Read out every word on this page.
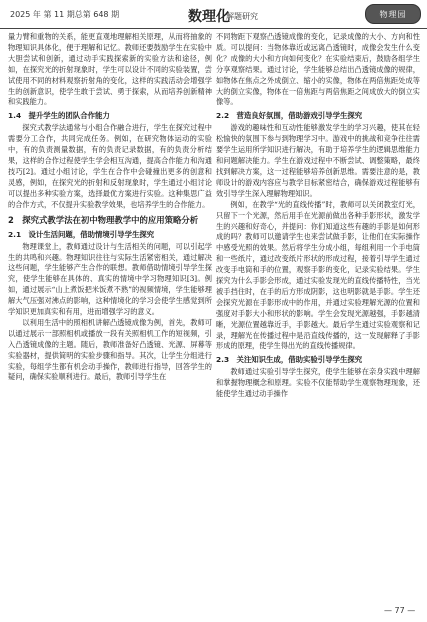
2025 年 第 11 期总第 648 期	数理化
解题研究	物理园

量力臂和重物的关系，能更直观地理解相关原理，从而将抽象的物理知识具体化，便于理解和记忆。教师还要鼓励学生在实验中大胆尝试和创新，通过动手实践探索新的实验方法和途径，例如，在探究光的折射现象时，学生可以设计不同的实验装置，尝试使用不同的材料观察折射角的变化，这样的实践活动会增强学生的创新意识，使学生敢于尝试、勇于探索，从而培养创新精神和实践能力。

1.4　提升学生的团队合作能力

探究式教学法通常与小组合作融合进行，学生在探究过程中需要分工合作，共同完成任务。例如，在研究物体运动的实验中，有的负责测量数据，有的负责记录数据，有的负责分析结果，这样的合作过程使学生学会相互沟通，提高合作能力和沟通技巧[2]。通过小组讨论，学生在合作中会碰撞出更多的创意和灵感，例如，在探究光的折射和反射现象时，学生通过小组讨论可以提出多种实验方案，选择最优方案进行实验。这种集思广益的合作方式，不仅提升实验教学效果，也培养学生的合作能力。

2　探究式教学法在初中物理教学中的应用策略分析
2.1　设计生活问题，借助情境引导学生探究

物理课堂上，教师通过设计与生活相关的问题，可以引起学生的共鸣和兴趣。物理知识往往与实际生活紧密相关，通过解决这些问题，学生能够产生合作的联想。教师借助情境引导学生探究，使学生能够在具体的、真实的情境中学习物理知识[3]。例如，通过展示“山上煮饭把米饭煮不熟”的视频情境，学生能够理解大气压强对沸点的影响，这种情境化的学习会使学生感觉到所学知识更加真实和有用，进而增强学习的意义。

以利用生活中的照相机讲解凸透镜成像为例，首先，教师可以通过展示一部照相机或播放一段有关照相机工作的短视频，引入凸透镜成像的主题。随后，教师准备好凸透镜、光源、屏幕等实验器材，提供简明的实验步骤和指导。其次，让学生分组进行实验，每组学生都有机会动手操作，教师进行指导，回答学生的疑问，确保实验顺利进行。最后，教师引导学生在

不同物距下观察凸透镜成像的变化，记录成像的大小、方向和性质。可以提问：当物体靠近或远离凸透镜时，成像会发生什么变化？成像的大小和方向如何变化？在实验结束后，鼓励各组学生分享观察结果。通过讨论，学生能够总结出凸透镜成像的规律，如物体在焦点之外成倒立、缩小的实像，物体在两倍焦距处成等大的倒立实像，物体在一倍焦距与两倍焦距之间成放大的倒立实像等。

2.2　营造良好氛围，借助游戏引导学生探究

游戏的趣味性和互动性能够激发学生的学习兴趣，使其在轻松愉快的氛围下参与到物理学习中。游戏中的挑战和竞争往往需要学生运用所学知识进行解决，有助于培养学生的逻辑思维能力和问题解决能力。学生在游戏过程中不断尝试、调整策略，最终找到解决方案，这一过程能够培养创新思维。需要注意的是，教师设计的游戏内容应与教学目标紧密结合，确保游戏过程能够有效引导学生深入理解物理知识。

例如，在教学“光的直线传播”时，教师可以关闭教室灯光，只留下一个光源，然后用手在光源前做出各种手影形状，激发学生的兴趣和好奇心，并提问：你们知道这些有趣的手影是如何形成的吗？教师可以邀请学生也来尝试做手影，让他们在实际操作中感受光照的效果。然后将学生分成小组，每组利用一个手电筒和一些纸片，通过改变纸片形状的形成过程，接着引导学生通过改变手电筒和手的位置，观察手影的变化，记录实验结果。学生探究为什么手影会形成，通过实验发现光的直线传播特性，当光被手挡住时，在手的后方形成阴影，这也明影就是手影。学生还会探究光源在手影形成中的作用，并通过实验理解光源的位置和强度对手影大小和形状的影响。学生会发现光源越强，手影越清晰，光源位置越靠近手，手影越大。最后学生通过实验观察和记录，理解光在传播过程中是沿直线传播的，这一发现解释了手影形成的原理，使学生得出光的直线传播规律。

2.3　关注知识生成，借助实验引导学生探究

教师通过实验引导学生探究，使学生能够在亲身实践中理解和掌握物理概念和原理。实验不仅能帮助学生观察物理现象，还能使学生通过动手操作

— 77 —
